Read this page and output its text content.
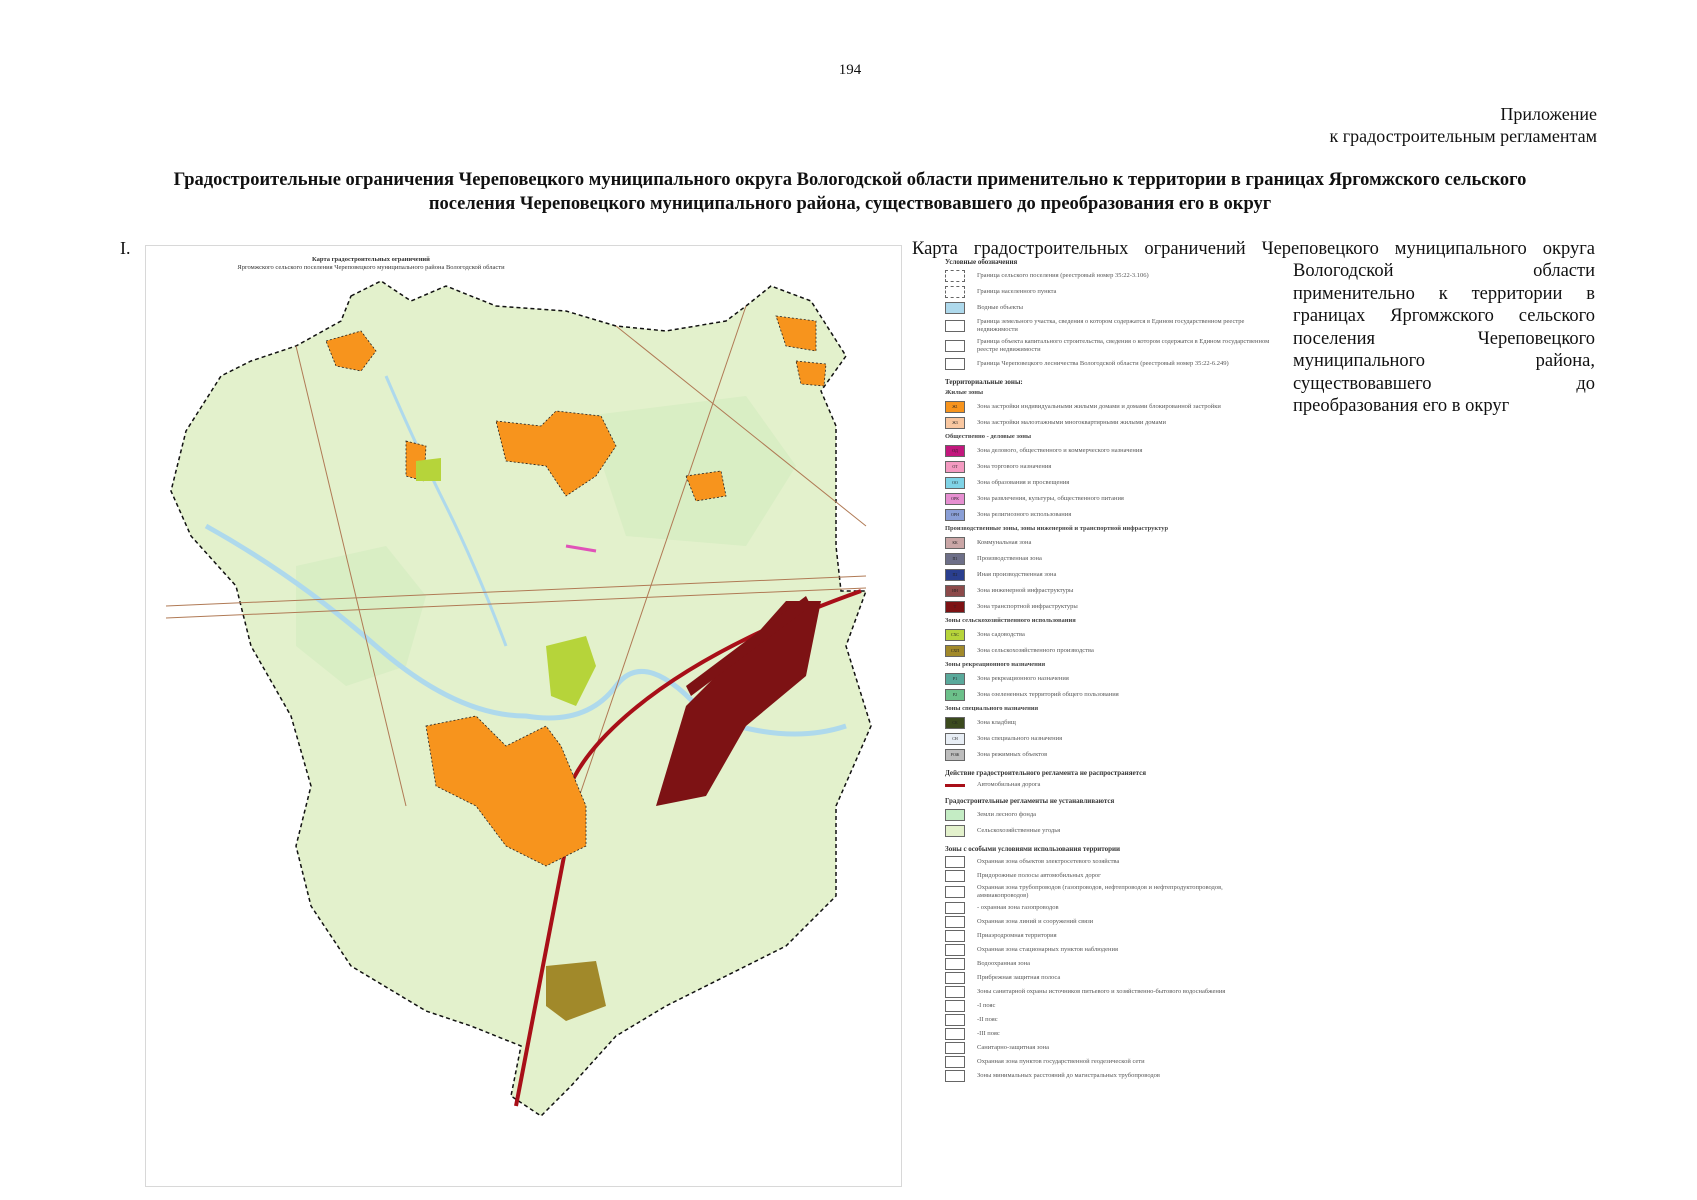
194
Приложение
к градостроительным регламентам
Градостроительные ограничения Череповецкого муниципального округа Вологодской области применительно к территории в границах Яргомжского сельского
поселения Череповецкого муниципального района, существовавшего до преобразования его в округ
I.
Карта градостроительных ограничений
Яргомжского сельского поселения Череповецкого муниципального района Вологодской области
Карта градостроительных ограничений Череповецкого муниципального округа
Вологодской области
применительно к территории в
границах Яргомжского сельского
поселения Череповецкого
муниципального района,
существовавшего до
преобразования его в округ
Условные обозначения
Граница сельского поселения (реестровый номер 35:22-3.106)
Граница населенного пункта
Водные объекты
Граница земельного участка, сведения о котором содержатся в Едином государственном реестре недвижимости
Граница объекта капитального строительства, сведения о котором содержатся в Едином государственном реестре недвижимости
Граница Череповецкого лесничества Вологодской области (реестровый номер 35:22-6.249)
Территориальные зоны:
Жилые зоны
Ж1	Зона застройки индивидуальными жилыми домами и домами блокированной застройки
Ж3	Зона застройки малоэтажными многоквартирными жилыми домами
Общественно - деловые зоны
ОД	Зона делового, общественного и коммерческого назначения
ОТ	Зона торгового назначения
ОО	Зона образования и просвещения
ОРК	Зона развлечения, культуры, общественного питания
ОРН	Зона религиозного использования
Производственные зоны, зоны инженерной и транспортной инфраструктур
КК	Коммунальная зона
П1	Производственная зона
П2	Иная производственная зона
ИН	Зона инженерной инфраструктуры
Т	Зона транспортной инфраструктуры
Зоны сельскохозяйственного использования
СХС	Зона садоводства
СХП	Зона сельскохозяйственного производства
Зоны рекреационного назначения
Р1	Зона рекреационного назначения
Р2	Зона озелененных территорий общего пользования
Зоны специального назначения
СК	Зона кладбищ
СН	Зона специального назначения
РОЖ	Зона режимных объектов
Действие градостроительного регламента не распространяется
Автомобильная дорога
Градостроительные регламенты не устанавливаются
Земли лесного фонда
Сельскохозяйственные угодья
Зоны с особыми условиями использования территории
Охранная зона объектов электросетевого хозяйства
Придорожные полосы автомобильных дорог
Охранная зона трубопроводов (газопроводов, нефтепроводов и нефтепродуктопроводов, аммиакопроводов)
- охранная зона газопроводов
Охранная зона линий и сооружений связи
Приаэродромная территория
Охранная зона стационарных пунктов наблюдения
Водоохранная зона
Прибрежная защитная полоса
Зоны санитарной охраны источников питьевого и хозяйственно-бытового водоснабжения
-I пояс
-II пояс
-III пояс
Санитарно-защитная зона
Охранная зона пунктов государственной геодезической сети
Зоны минимальных расстояний до магистральных трубопроводов
